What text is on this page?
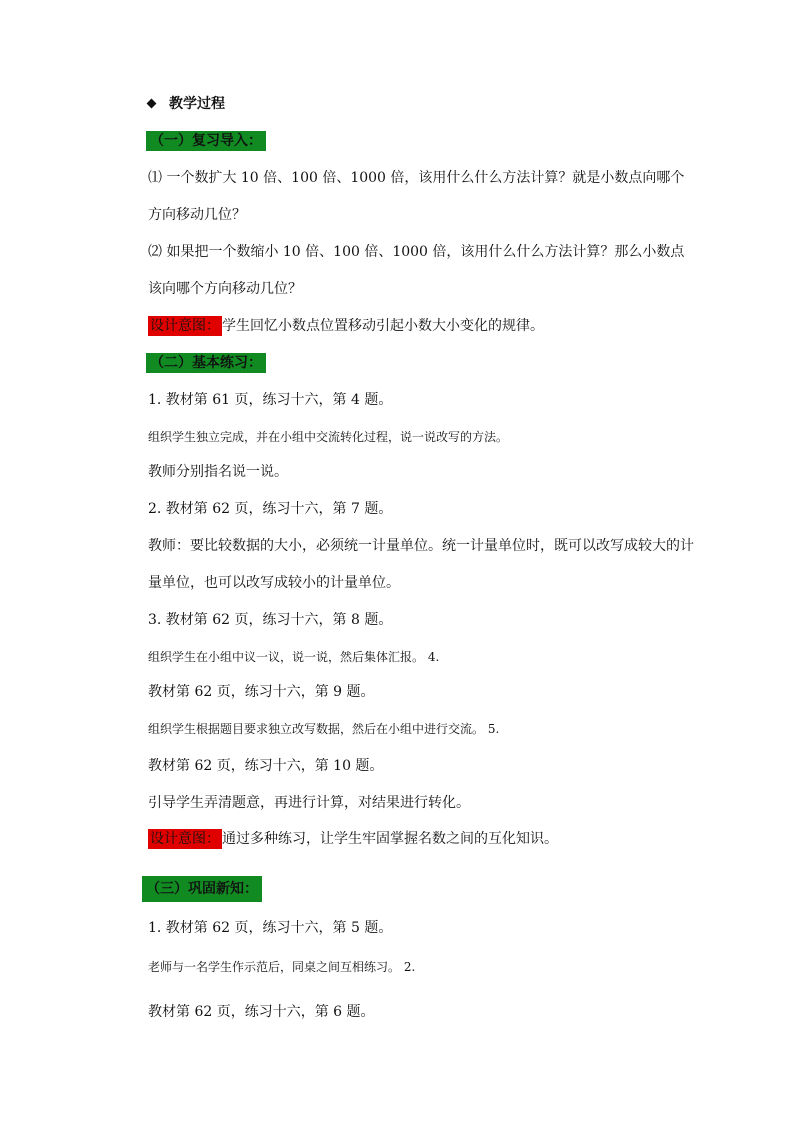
教学过程
（一）复习导入：
⑴ 一个数扩大 10 倍、100 倍、1000 倍，该用什么什么方法计算？就是小数点向哪个
方向移动几位？
⑵ 如果把一个数缩小 10 倍、100 倍、1000 倍，该用什么什么方法计算？那么小数点
该向哪个方向移动几位？
设计意图： 学生回忆小数点位置移动引起小数大小变化的规律。
（二）基本练习：
1. 教材第 61 页，练习十六，第 4 题。
组织学生独立完成，并在小组中交流转化过程，说一说改写的方法。
教师分别指名说一说。
2. 教材第 62 页，练习十六，第 7 题。
教师：要比较数据的大小，必须统一计量单位。统一计量单位时，既可以改写成较大的计
量单位，也可以改写成较小的计量单位。
3. 教材第 62 页，练习十六，第 8 题。
组织学生在小组中议一议，说一说，然后集体汇报。 4.
教材第 62 页，练习十六，第 9 题。
组织学生根据题目要求独立改写数据，然后在小组中进行交流。 5.
教材第 62 页，练习十六，第 10 题。
引导学生弄清题意，再进行计算，对结果进行转化。
设计意图： 通过多种练习，让学生牢固掌握名数之间的互化知识。
（三）巩固新知：
1. 教材第 62 页，练习十六，第 5 题。
老师与一名学生作示范后，同桌之间互相练习。 2.
教材第 62 页，练习十六，第 6 题。
